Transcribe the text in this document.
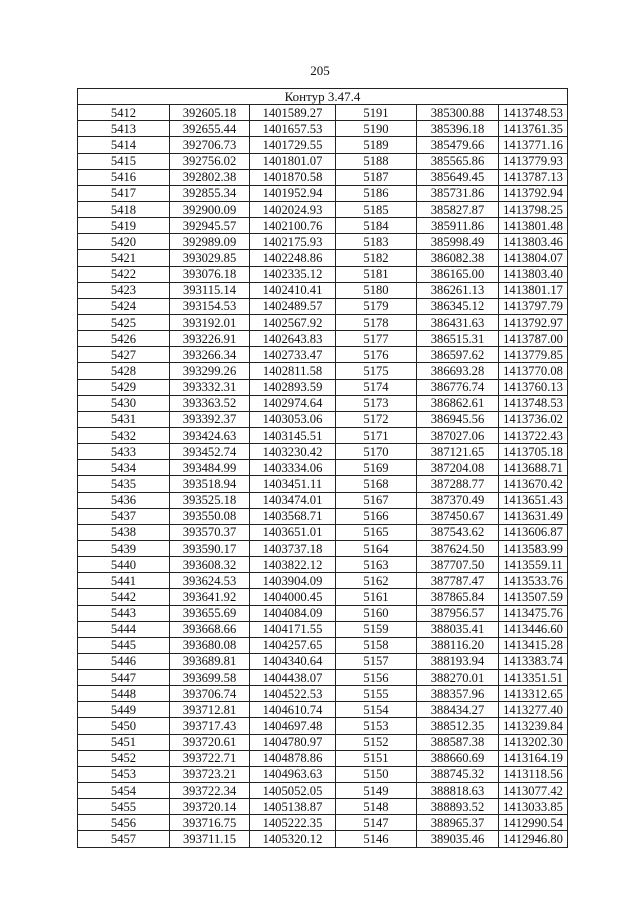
205
Контур 3.47.4					
5412	392605.18	1401589.27	5191	385300.88	1413748.53
5413	392655.44	1401657.53	5190	385396.18	1413761.35
5414	392706.73	1401729.55	5189	385479.66	1413771.16
5415	392756.02	1401801.07	5188	385565.86	1413779.93
5416	392802.38	1401870.58	5187	385649.45	1413787.13
5417	392855.34	1401952.94	5186	385731.86	1413792.94
5418	392900.09	1402024.93	5185	385827.87	1413798.25
5419	392945.57	1402100.76	5184	385911.86	1413801.48
5420	392989.09	1402175.93	5183	385998.49	1413803.46
5421	393029.85	1402248.86	5182	386082.38	1413804.07
5422	393076.18	1402335.12	5181	386165.00	1413803.40
5423	393115.14	1402410.41	5180	386261.13	1413801.17
5424	393154.53	1402489.57	5179	386345.12	1413797.79
5425	393192.01	1402567.92	5178	386431.63	1413792.97
5426	393226.91	1402643.83	5177	386515.31	1413787.00
5427	393266.34	1402733.47	5176	386597.62	1413779.85
5428	393299.26	1402811.58	5175	386693.28	1413770.08
5429	393332.31	1402893.59	5174	386776.74	1413760.13
5430	393363.52	1402974.64	5173	386862.61	1413748.53
5431	393392.37	1403053.06	5172	386945.56	1413736.02
5432	393424.63	1403145.51	5171	387027.06	1413722.43
5433	393452.74	1403230.42	5170	387121.65	1413705.18
5434	393484.99	1403334.06	5169	387204.08	1413688.71
5435	393518.94	1403451.11	5168	387288.77	1413670.42
5436	393525.18	1403474.01	5167	387370.49	1413651.43
5437	393550.08	1403568.71	5166	387450.67	1413631.49
5438	393570.37	1403651.01	5165	387543.62	1413606.87
5439	393590.17	1403737.18	5164	387624.50	1413583.99
5440	393608.32	1403822.12	5163	387707.50	1413559.11
5441	393624.53	1403904.09	5162	387787.47	1413533.76
5442	393641.92	1404000.45	5161	387865.84	1413507.59
5443	393655.69	1404084.09	5160	387956.57	1413475.76
5444	393668.66	1404171.55	5159	388035.41	1413446.60
5445	393680.08	1404257.65	5158	388116.20	1413415.28
5446	393689.81	1404340.64	5157	388193.94	1413383.74
5447	393699.58	1404438.07	5156	388270.01	1413351.51
5448	393706.74	1404522.53	5155	388357.96	1413312.65
5449	393712.81	1404610.74	5154	388434.27	1413277.40
5450	393717.43	1404697.48	5153	388512.35	1413239.84
5451	393720.61	1404780.97	5152	388587.38	1413202.30
5452	393722.71	1404878.86	5151	388660.69	1413164.19
5453	393723.21	1404963.63	5150	388745.32	1413118.56
5454	393722.34	1405052.05	5149	388818.63	1413077.42
5455	393720.14	1405138.87	5148	388893.52	1413033.85
5456	393716.75	1405222.35	5147	388965.37	1412990.54
5457	393711.15	1405320.12	5146	389035.46	1412946.80
